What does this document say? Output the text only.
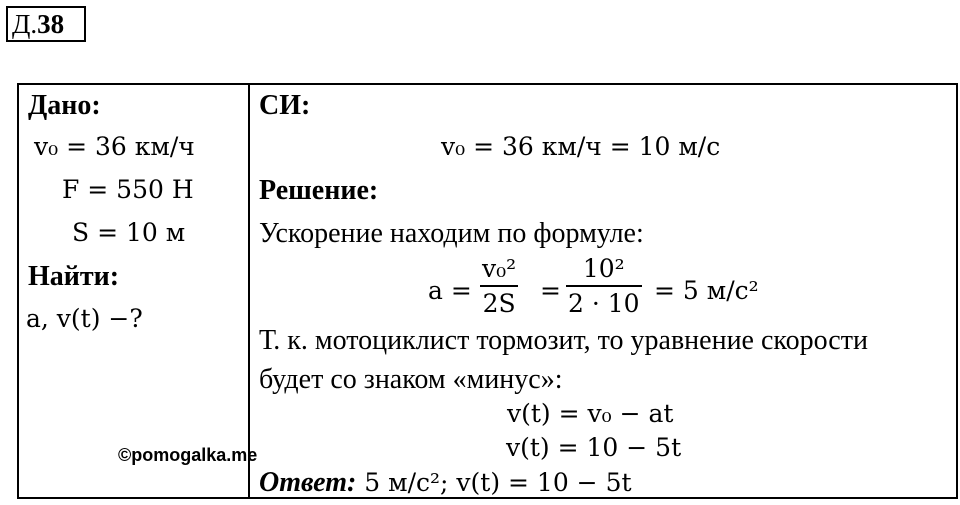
Д.38
Дано:
v₀ = 36 км/ч
F = 550 Н
S = 10 м
Найти:
a, v(t) −?
СИ:
v₀ = 36 км/ч = 10 м/с
Решение:
Ускорение находим по формуле:
a =
v₀²
2S =
10²
2 · 10 = 5 м/с²
Т. к. мотоциклист тормозит, то уравнение скорости
будет со знаком «минус»:
v(t) = v₀ − at
v(t) = 10 − 5t
Ответ: 5 м/с²; v(t) = 10 − 5t
©pomogalka.me
